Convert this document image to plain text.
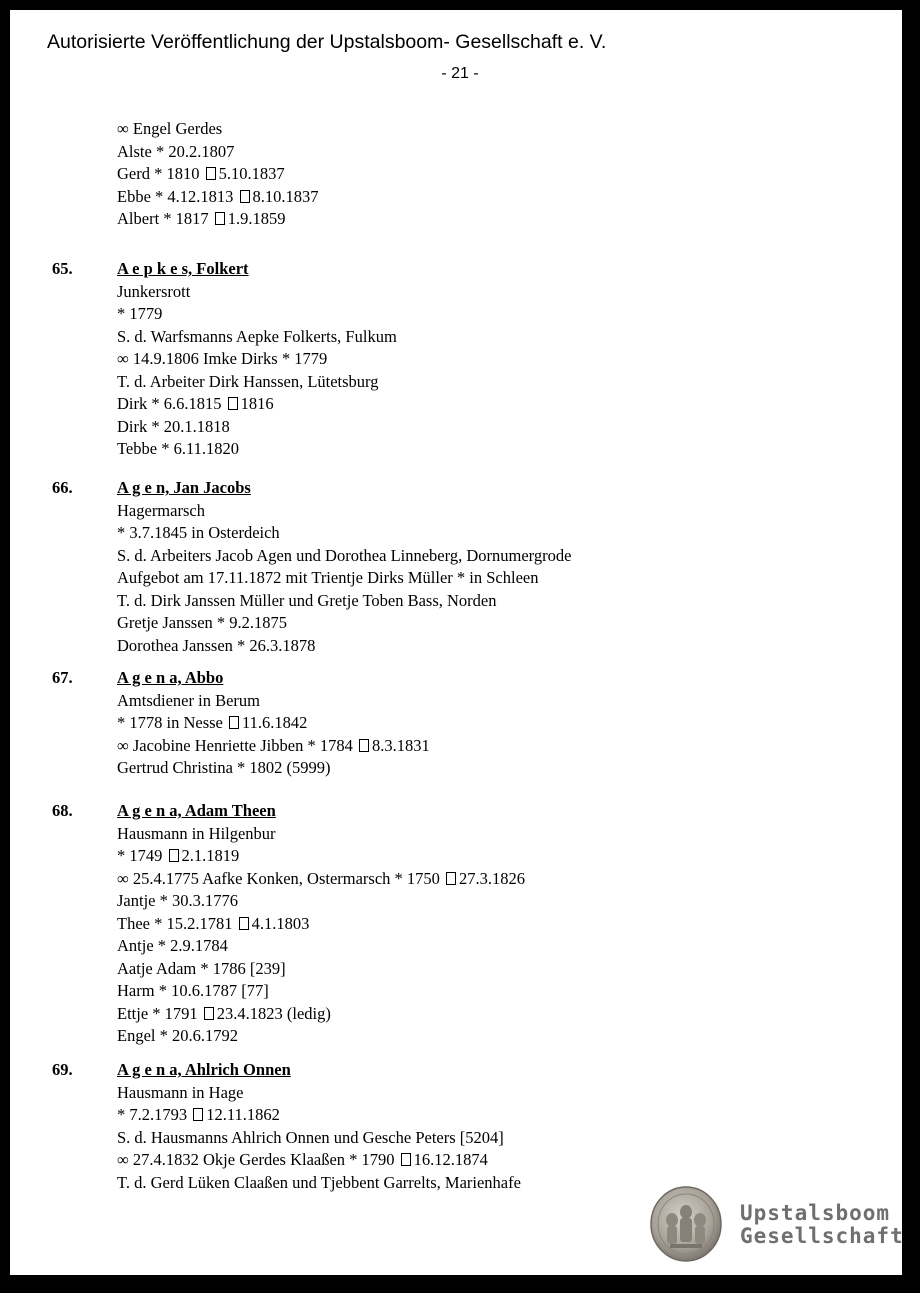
Autorisierte Veröffentlichung der Upstalsboom- Gesellschaft e. V.
- 21 -
∞ Engel Gerdes
Alste * 20.2.1807
Gerd * 1810 5.10.1837
Ebbe * 4.12.1813 8.10.1837
Albert * 1817 1.9.1859
65.	A e p k e s, Folkert
Junkersrott
* 1779
S. d. Warfsmanns Aepke Folkerts, Fulkum
∞ 14.9.1806 Imke Dirks * 1779
T. d. Arbeiter Dirk Hanssen, Lütetsburg
Dirk * 6.6.1815 1816
Dirk * 20.1.1818
Tebbe * 6.11.1820
66.	A g e n, Jan Jacobs
Hagermarsch
* 3.7.1845 in Osterdeich
S. d. Arbeiters Jacob Agen und Dorothea Linneberg, Dornumergrode
Aufgebot am 17.11.1872 mit Trientje Dirks Müller * in Schleen
T. d. Dirk Janssen Müller und Gretje Toben Bass, Norden
Gretje Janssen * 9.2.1875
Dorothea Janssen * 26.3.1878
67.	A g e n a, Abbo
Amtsdiener in Berum
* 1778 in Nesse 11.6.1842
∞ Jacobine Henriette Jibben * 1784 8.3.1831
Gertrud Christina * 1802 (5999)
68.	A g e n a, Adam Theen
Hausmann in Hilgenbur
* 1749 2.1.1819
∞ 25.4.1775 Aafke Konken, Ostermarsch * 1750 27.3.1826
Jantje * 30.3.1776
Thee * 15.2.1781 4.1.1803
Antje * 2.9.1784
Aatje Adam * 1786 [239]
Harm * 10.6.1787 [77]
Ettje * 1791 23.4.1823 (ledig)
Engel * 20.6.1792
69.	A g e n a, Ahlrich Onnen
Hausmann in Hage
* 7.2.1793 12.11.1862
S. d. Hausmanns Ahlrich Onnen und Gesche Peters [5204]
∞ 27.4.1832 Okje Gerdes Klaaßen * 1790 16.12.1874
T. d. Gerd Lüken Claaßen und Tjebbent Garrelts, Marienhafe
Upstalsboom
Gesellschaft
